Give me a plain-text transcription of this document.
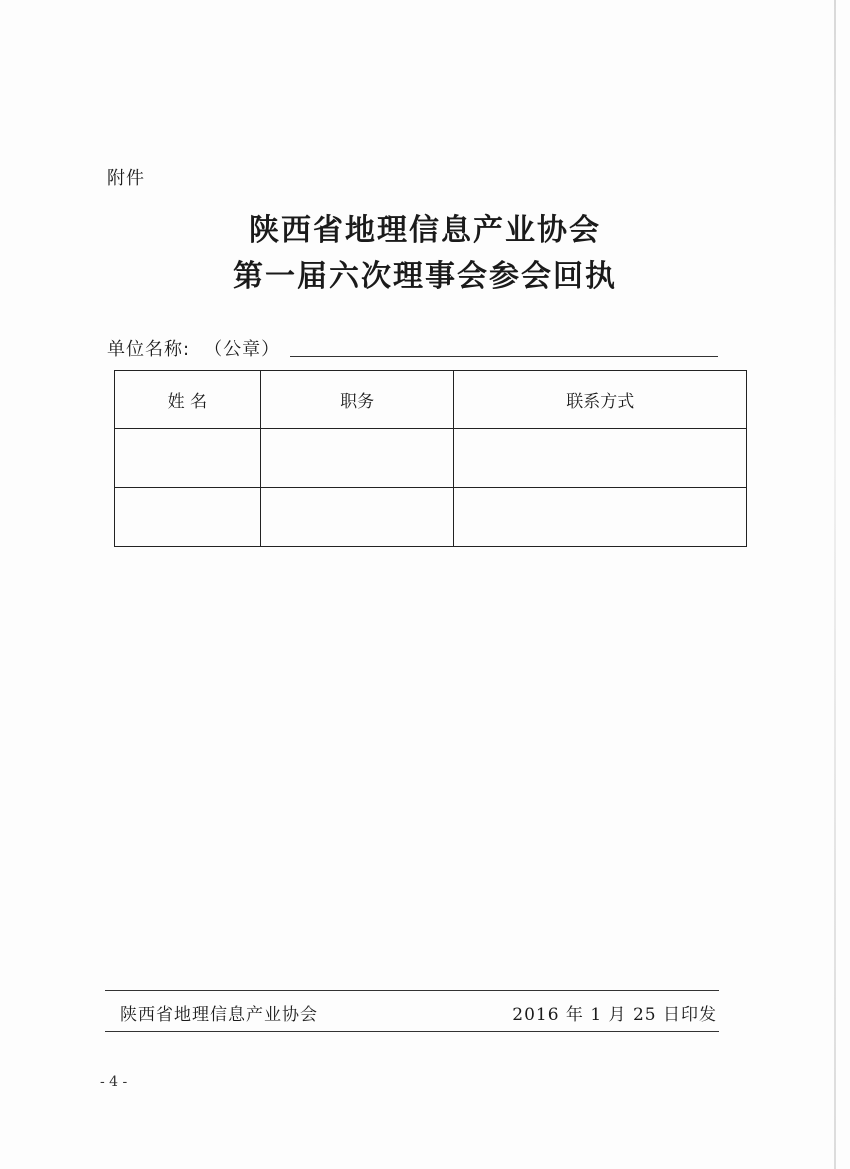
附件
陕西省地理信息产业协会
第一届六次理事会参会回执
单位名称: （公章）
姓 名	职务	联系方式

陕西省地理信息产业协会	2016 年 1 月 25 日印发
- 4 -
